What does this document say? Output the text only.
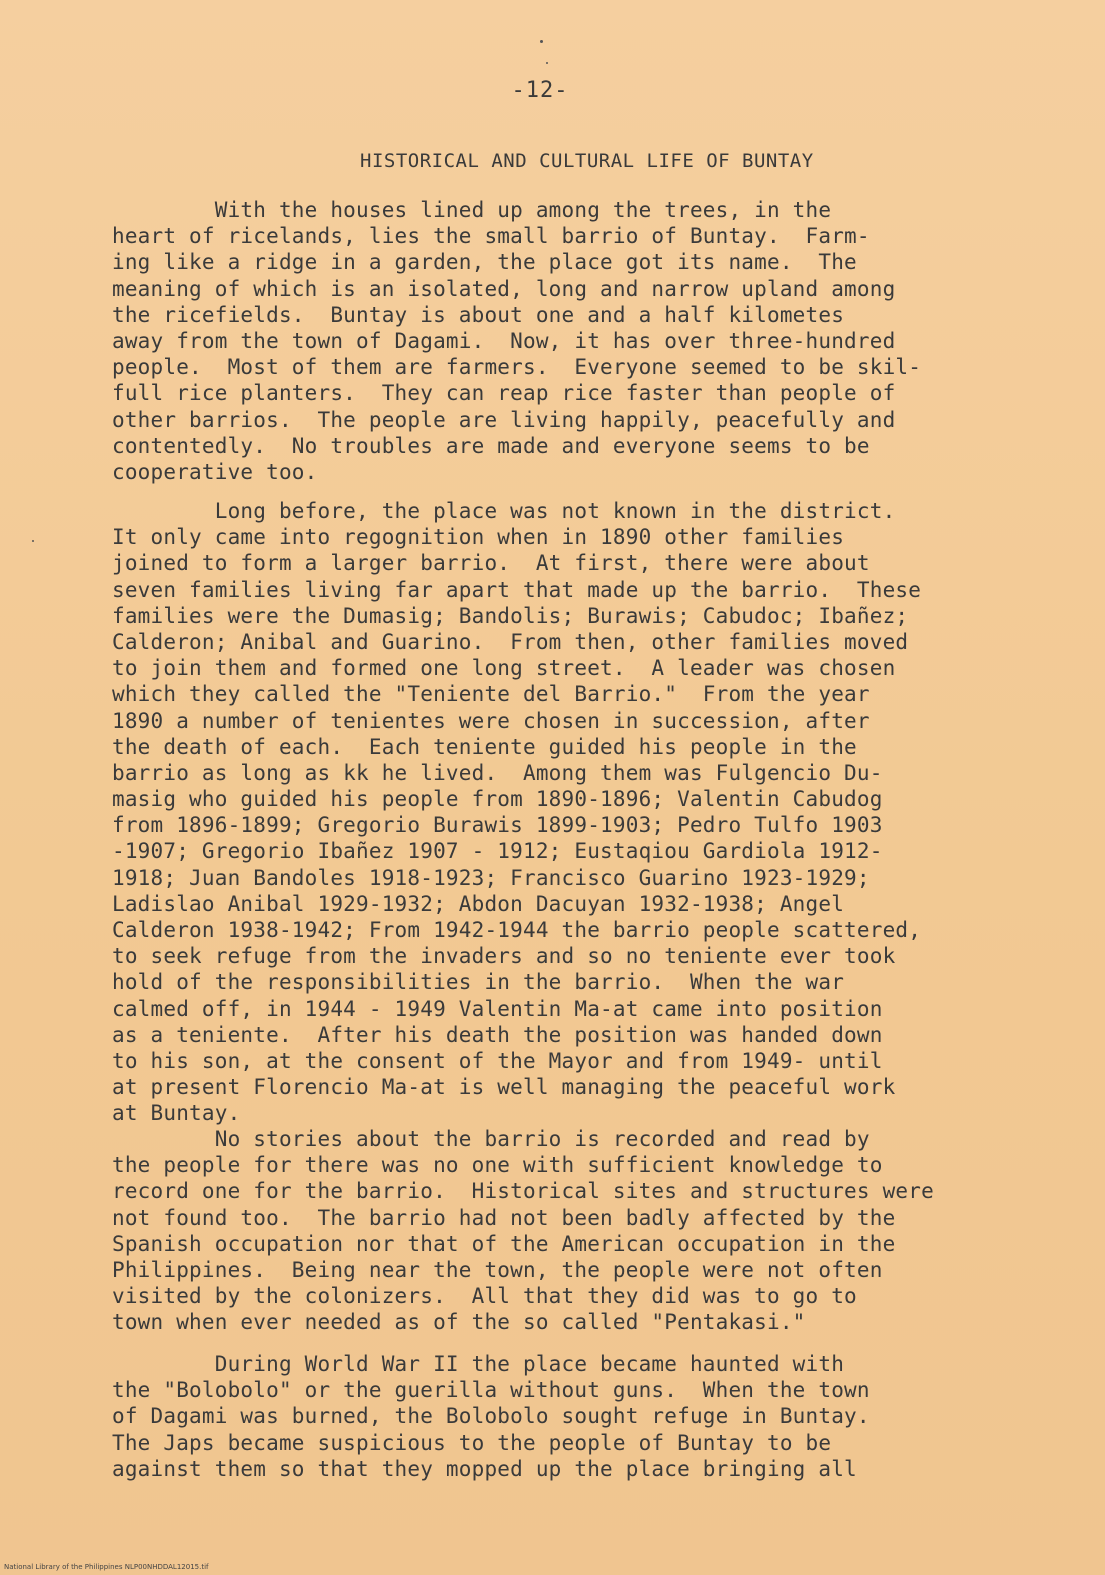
-12-
HISTORICAL AND CULTURAL LIFE OF BUNTAY
With the houses lined up among the trees, in the
heart of ricelands, lies the small barrio of Buntay.  Farm-
ing like a ridge in a garden, the place got its name.  The
meaning of which is an isolated, long and narrow upland among
the ricefields.  Buntay is about one and a half kilometes
away from the town of Dagami.  Now, it has over three-hundred
people.  Most of them are farmers.  Everyone seemed to be skil-
full rice planters.  They can reap rice faster than people of
other barrios.  The people are living happily, peacefully and
contentedly.  No troubles are made and everyone seems to be
cooperative too.
Long before, the place was not known in the district.
It only came into regognition when in 1890 other families
joined to form a larger barrio.  At first, there were about
seven families living far apart that made up the barrio.  These
families were the Dumasig; Bandolis; Burawis; Cabudoc; Ibañez;
Calderon; Anibal and Guarino.  From then, other families moved
to join them and formed one long street.  A leader was chosen
which they called the "Teniente del Barrio."  From the year
1890 a number of tenientes were chosen in succession, after
the death of each.  Each teniente guided his people in the
barrio as long as kk he lived.  Among them was Fulgencio Du-
masig who guided his people from 1890-1896; Valentin Cabudog
from 1896-1899; Gregorio Burawis 1899-1903; Pedro Tulfo 1903
-1907; Gregorio Ibañez 1907 - 1912; Eustaqiou Gardiola 1912-
1918; Juan Bandoles 1918-1923; Francisco Guarino 1923-1929;
Ladislao Anibal 1929-1932; Abdon Dacuyan 1932-1938; Angel
Calderon 1938-1942; From 1942-1944 the barrio people scattered,
to seek refuge from the invaders and so no teniente ever took
hold of the responsibilities in the barrio.  When the war
calmed off, in 1944 - 1949 Valentin Ma-at came into position
as a teniente.  After his death the position was handed down
to his son, at the consent of the Mayor and from 1949- until
at present Florencio Ma-at is well managing the peaceful work
at Buntay.
No stories about the barrio is recorded and read by
the people for there was no one with sufficient knowledge to
record one for the barrio.  Historical sites and structures were
not found too.  The barrio had not been badly affected by the
Spanish occupation nor that of the American occupation in the
Philippines.  Being near the town, the people were not often
visited by the colonizers.  All that they did was to go to
town when ever needed as of the so called "Pentakasi."
During World War II the place became haunted with
the "Bolobolo" or the guerilla without guns.  When the town
of Dagami was burned, the Bolobolo sought refuge in Buntay.
The Japs became suspicious to the people of Buntay to be
against them so that they mopped up the place bringing all
National Library of the Philippines NLP00NHDDAL12015.tif
